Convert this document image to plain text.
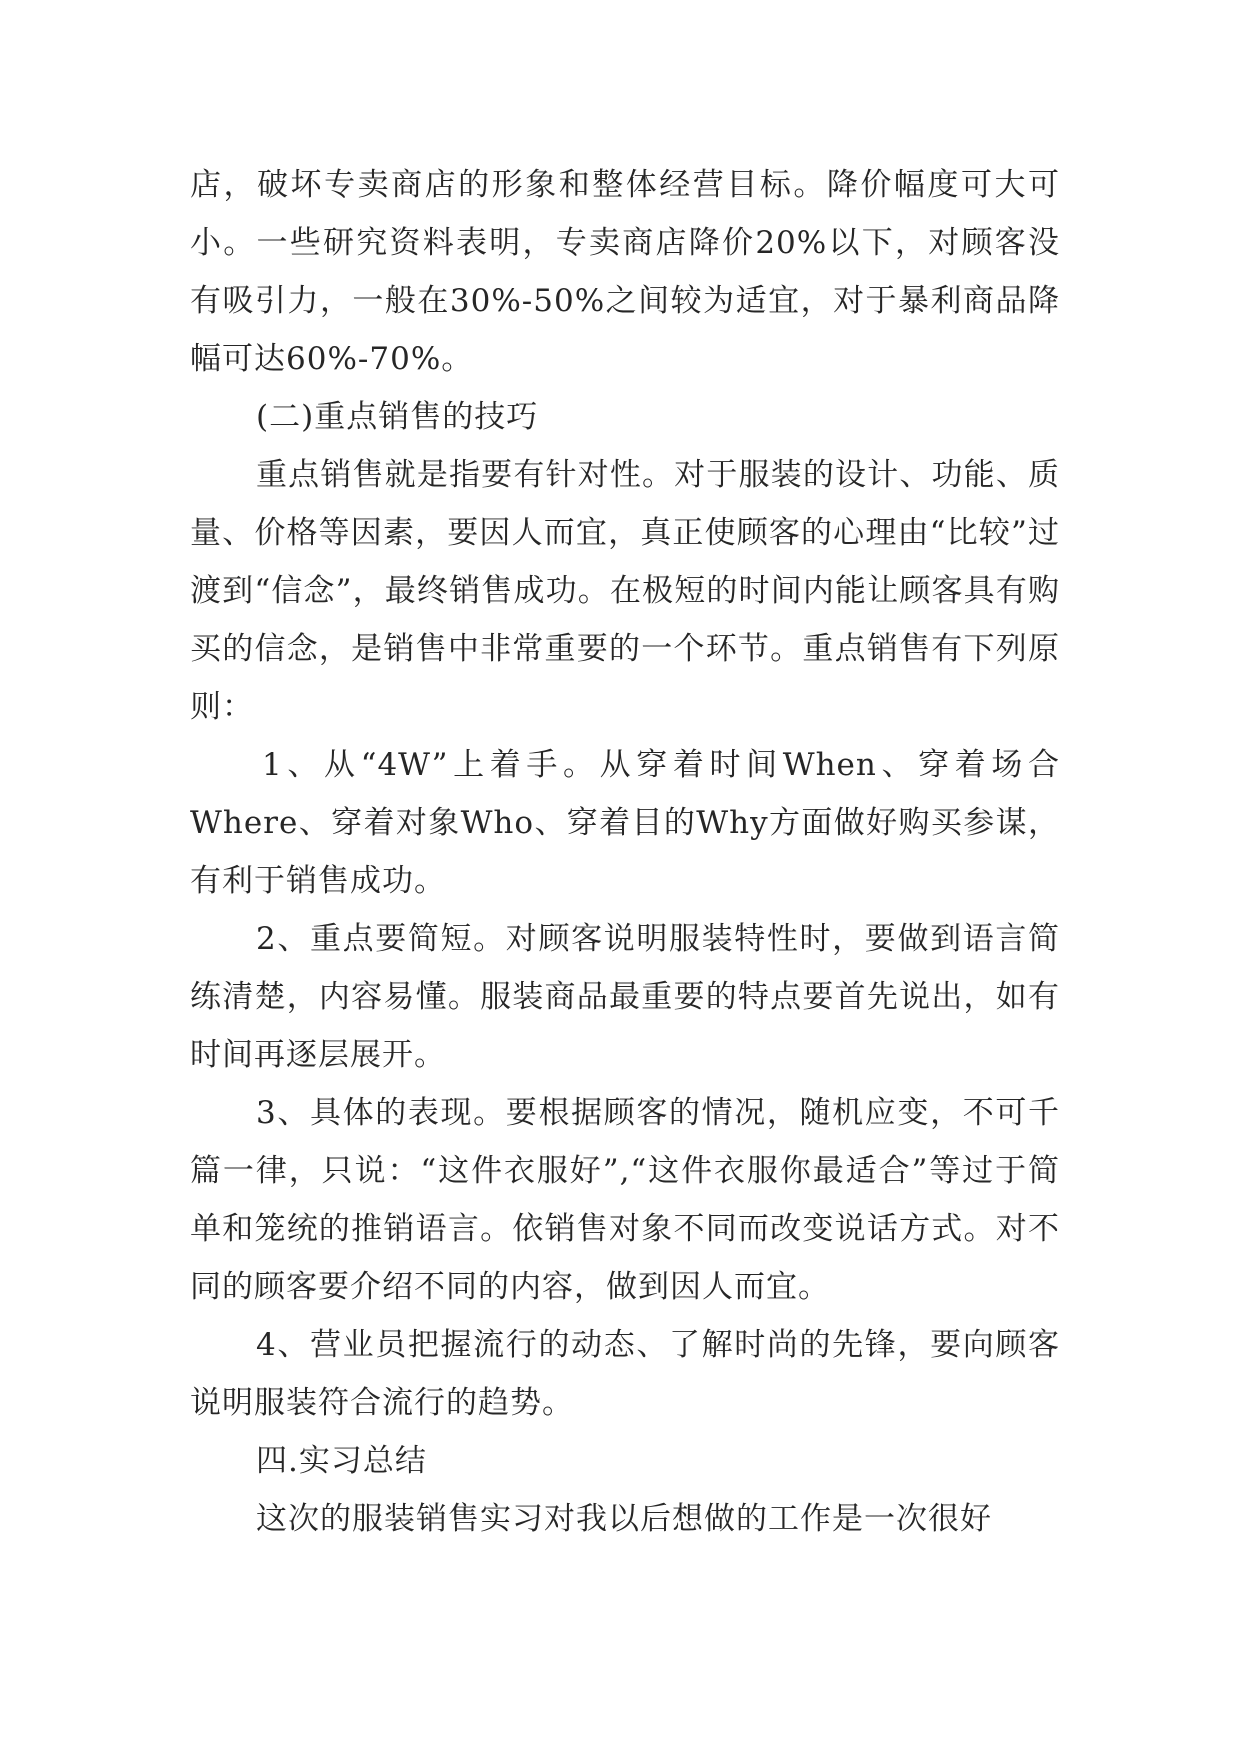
店，破坏专卖商店的形象和整体经营目标。降价幅度可大可小。一些研究资料表明，专卖商店降价20%以下，对顾客没有吸引力，一般在30%-50%之间较为适宜，对于暴利商品降幅可达60%-70%。

(二)重点销售的技巧

重点销售就是指要有针对性。对于服装的设计、功能、质量、价格等因素，要因人而宜，真正使顾客的心理由“比较”过渡到“信念”，最终销售成功。在极短的时间内能让顾客具有购买的信念，是销售中非常重要的一个环节。重点销售有下列原则：

1、从“4W”上着手。从穿着时间When、穿着场合Where、穿着对象Who、穿着目的Why方面做好购买参谋，有利于销售成功。

2、重点要简短。对顾客说明服装特性时，要做到语言简练清楚，内容易懂。服装商品最重要的特点要首先说出，如有时间再逐层展开。

3、具体的表现。要根据顾客的情况，随机应变，不可千篇一律，只说：“这件衣服好”,“这件衣服你最适合”等过于简单和笼统的推销语言。依销售对象不同而改变说话方式。对不同的顾客要介绍不同的内容，做到因人而宜。

4、营业员把握流行的动态、了解时尚的先锋，要向顾客说明服装符合流行的趋势。

四.实习总结

这次的服装销售实习对我以后想做的工作是一次很好
